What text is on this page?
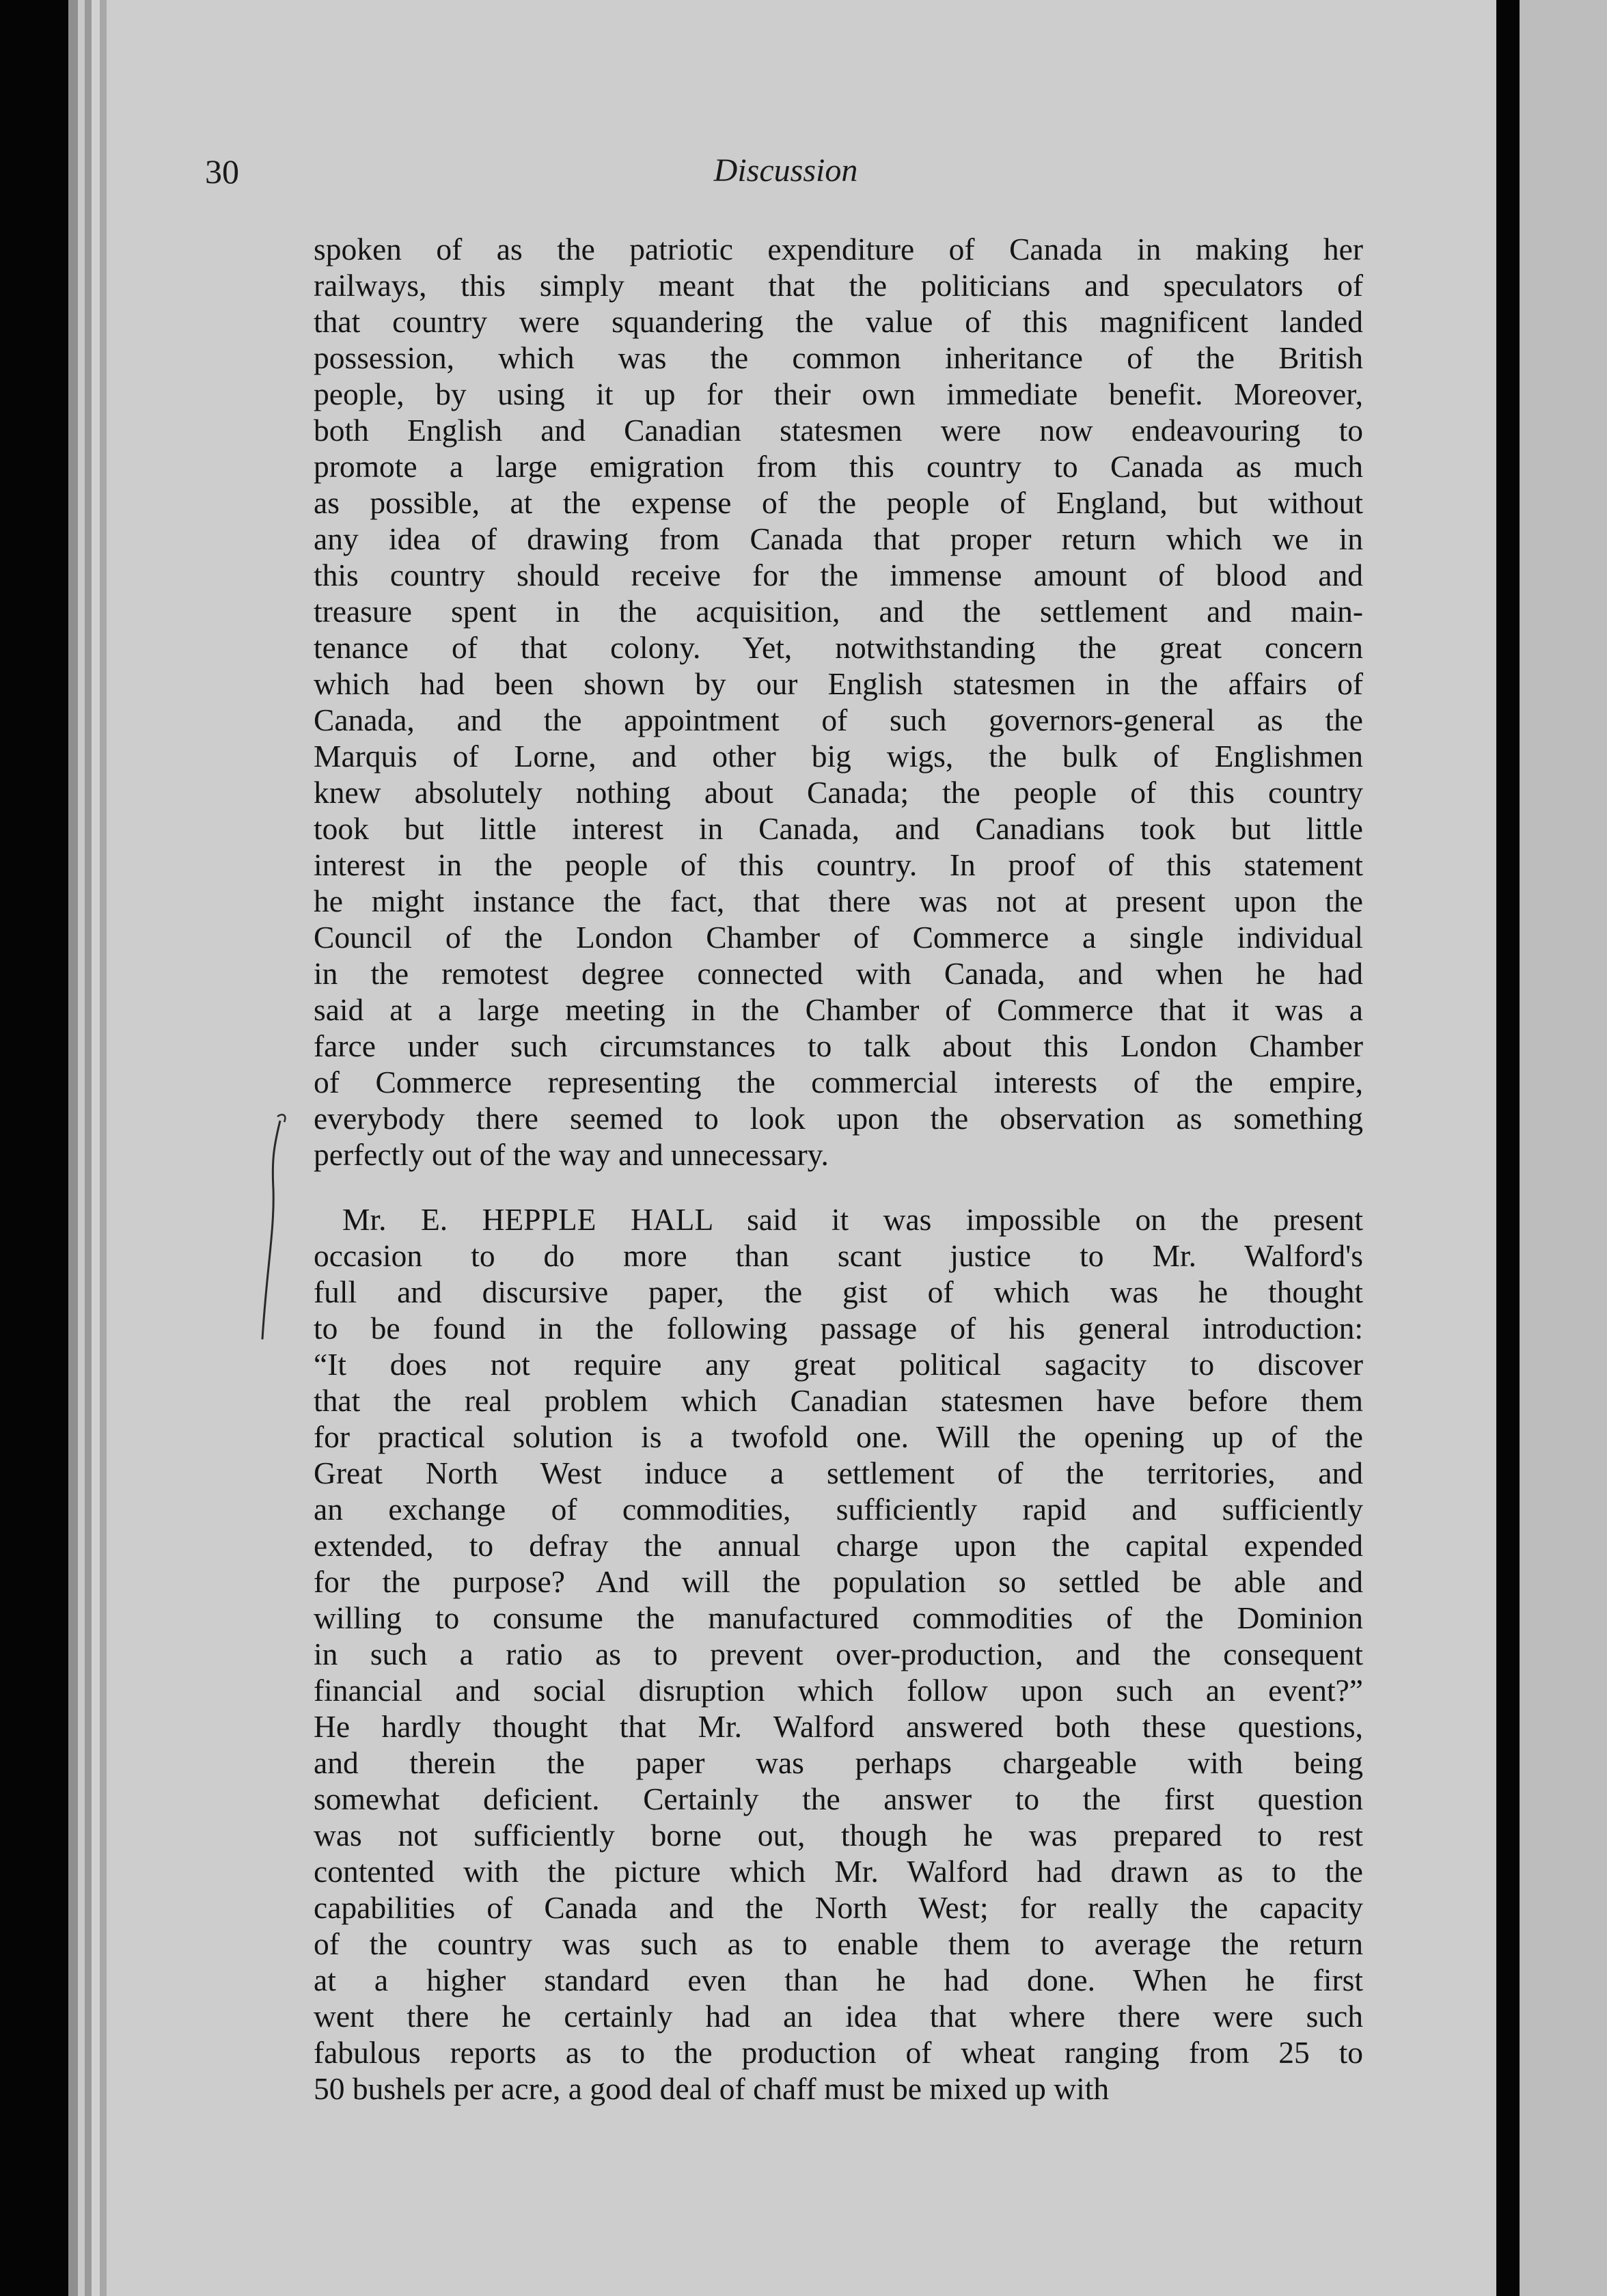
30	Discussion
spoken of as the patriotic expenditure of Canada in making her
railways, this simply meant that the politicians and speculators of
that country were squandering the value of this magnificent landed
possession, which was the common inheritance of the British
people, by using it up for their own immediate benefit. Moreover,
both English and Canadian statesmen were now endeavouring to
promote a large emigration from this country to Canada as much
as possible, at the expense of the people of England, but without
any idea of drawing from Canada that proper return which we in
this country should receive for the immense amount of blood and
treasure spent in the acquisition, and the settlement and main-
tenance of that colony. Yet, notwithstanding the great concern
which had been shown by our English statesmen in the affairs of
Canada, and the appointment of such governors-general as the
Marquis of Lorne, and other big wigs, the bulk of Englishmen
knew absolutely nothing about Canada; the people of this country
took but little interest in Canada, and Canadians took but little
interest in the people of this country. In proof of this statement
he might instance the fact, that there was not at present upon the
Council of the London Chamber of Commerce a single individual
in the remotest degree connected with Canada, and when he had
said at a large meeting in the Chamber of Commerce that it was a
farce under such circumstances to talk about this London Chamber
of Commerce representing the commercial interests of the empire,
everybody there seemed to look upon the observation as something
perfectly out of the way and unnecessary.
Mr. E. HEPPLE HALL said it was impossible on the present
occasion to do more than scant justice to Mr. Walford's
full and discursive paper, the gist of which was he thought
to be found in the following passage of his general introduction:
“It does not require any great political sagacity to discover
that the real problem which Canadian statesmen have before them
for practical solution is a twofold one. Will the opening up of the
Great North West induce a settlement of the territories, and
an exchange of commodities, sufficiently rapid and sufficiently
extended, to defray the annual charge upon the capital expended
for the purpose? And will the population so settled be able and
willing to consume the manufactured commodities of the Dominion
in such a ratio as to prevent over-production, and the consequent
financial and social disruption which follow upon such an event?”
He hardly thought that Mr. Walford answered both these questions,
and therein the paper was perhaps chargeable with being
somewhat deficient. Certainly the answer to the first question
was not sufficiently borne out, though he was prepared to rest
contented with the picture which Mr. Walford had drawn as to the
capabilities of Canada and the North West; for really the capacity
of the country was such as to enable them to average the return
at a higher standard even than he had done. When he first
went there he certainly had an idea that where there were such
fabulous reports as to the production of wheat ranging from 25 to
50 bushels per acre, a good deal of chaff must be mixed up with
